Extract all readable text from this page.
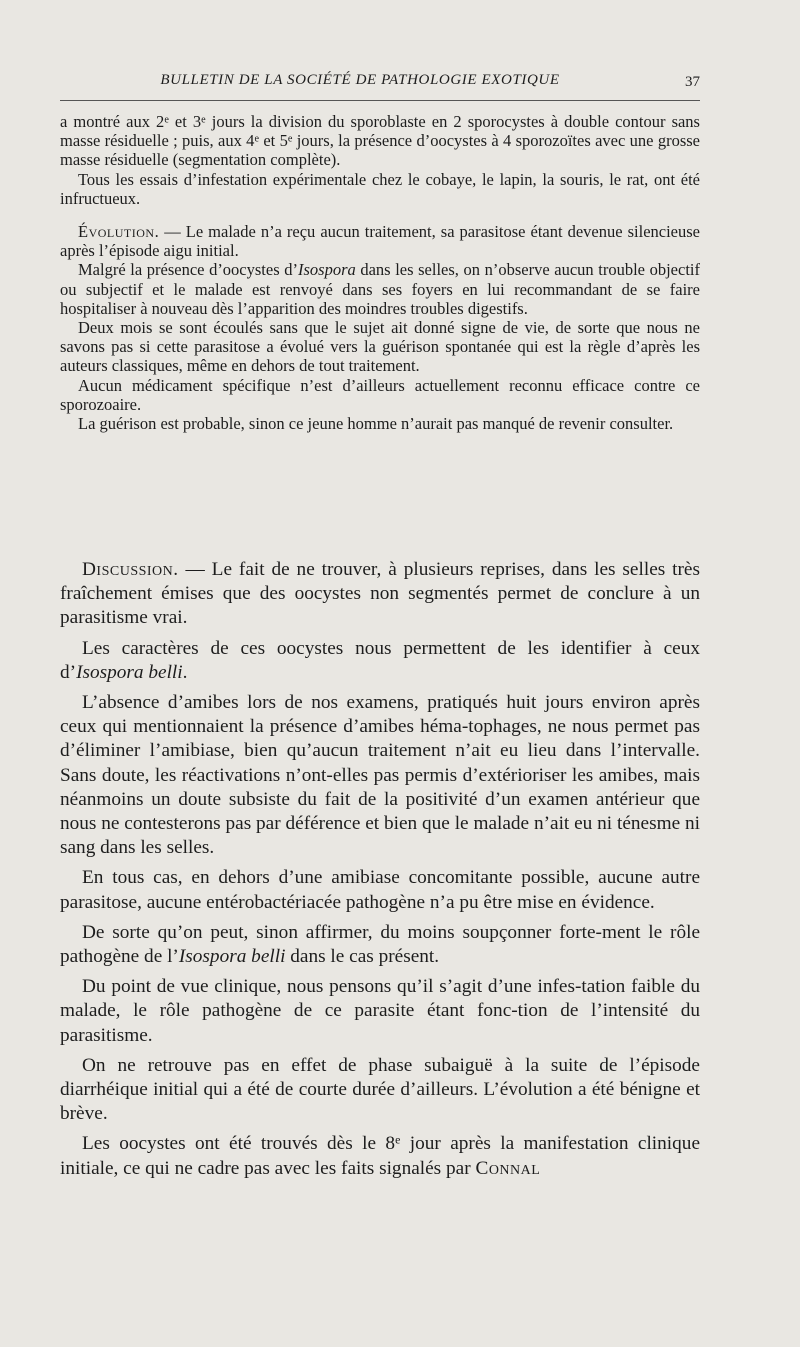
BULLETIN DE LA SOCIÉTÉ DE PATHOLOGIE EXOTIQUE	37

a montré aux 2e et 3e jours la division du sporoblaste en 2 sporocystes à double contour sans masse résiduelle ; puis, aux 4e et 5e jours, la présence d’oocystes à 4 sporozoïtes avec une grosse masse résiduelle (segmentation complète).

Tous les essais d’infestation expérimentale chez le cobaye, le lapin, la souris, le rat, ont été infructueux.

Évolution. — Le malade n’a reçu aucun traitement, sa parasitose étant devenue silencieuse après l’épisode aigu initial.

Malgré la présence d’oocystes d’Isospora dans les selles, on n’observe aucun trouble objectif ou subjectif et le malade est renvoyé dans ses foyers en lui recommandant de se faire hospitaliser à nouveau dès l’apparition des moindres troubles digestifs.

Deux mois se sont écoulés sans que le sujet ait donné signe de vie, de sorte que nous ne savons pas si cette parasitose a évolué vers la guérison spontanée qui est la règle d’après les auteurs classiques, même en dehors de tout traitement.

Aucun médicament spécifique n’est d’ailleurs actuellement reconnu efficace contre ce sporozoaire.

La guérison est probable, sinon ce jeune homme n’aurait pas manqué de revenir consulter.

Discussion. — Le fait de ne trouver, à plusieurs reprises, dans les selles très fraîchement émises que des oocystes non segmentés permet de conclure à un parasitisme vrai.

Les caractères de ces oocystes nous permettent de les identifier à ceux d’Isospora belli.

L’absence d’amibes lors de nos examens, pratiqués huit jours environ après ceux qui mentionnaient la présence d’amibes héma-tophages, ne nous permet pas d’éliminer l’amibiase, bien qu’aucun traitement n’ait eu lieu dans l’intervalle. Sans doute, les réactivations n’ont-elles pas permis d’extérioriser les amibes, mais néanmoins un doute subsiste du fait de la positivité d’un examen antérieur que nous ne contesterons pas par déférence et bien que le malade n’ait eu ni ténesme ni sang dans les selles.

En tous cas, en dehors d’une amibiase concomitante possible, aucune autre parasitose, aucune entérobactériacée pathogène n’a pu être mise en évidence.

De sorte qu’on peut, sinon affirmer, du moins soupçonner forte-ment le rôle pathogène de l’Isospora belli dans le cas présent.

Du point de vue clinique, nous pensons qu’il s’agit d’une infes-tation faible du malade, le rôle pathogène de ce parasite étant fonc-tion de l’intensité du parasitisme.

On ne retrouve pas en effet de phase subaiguë à la suite de l’épisode diarrhéique initial qui a été de courte durée d’ailleurs. L’évolution a été bénigne et brève.

Les oocystes ont été trouvés dès le 8e jour après la manifestation clinique initiale, ce qui ne cadre pas avec les faits signalés par Connal
